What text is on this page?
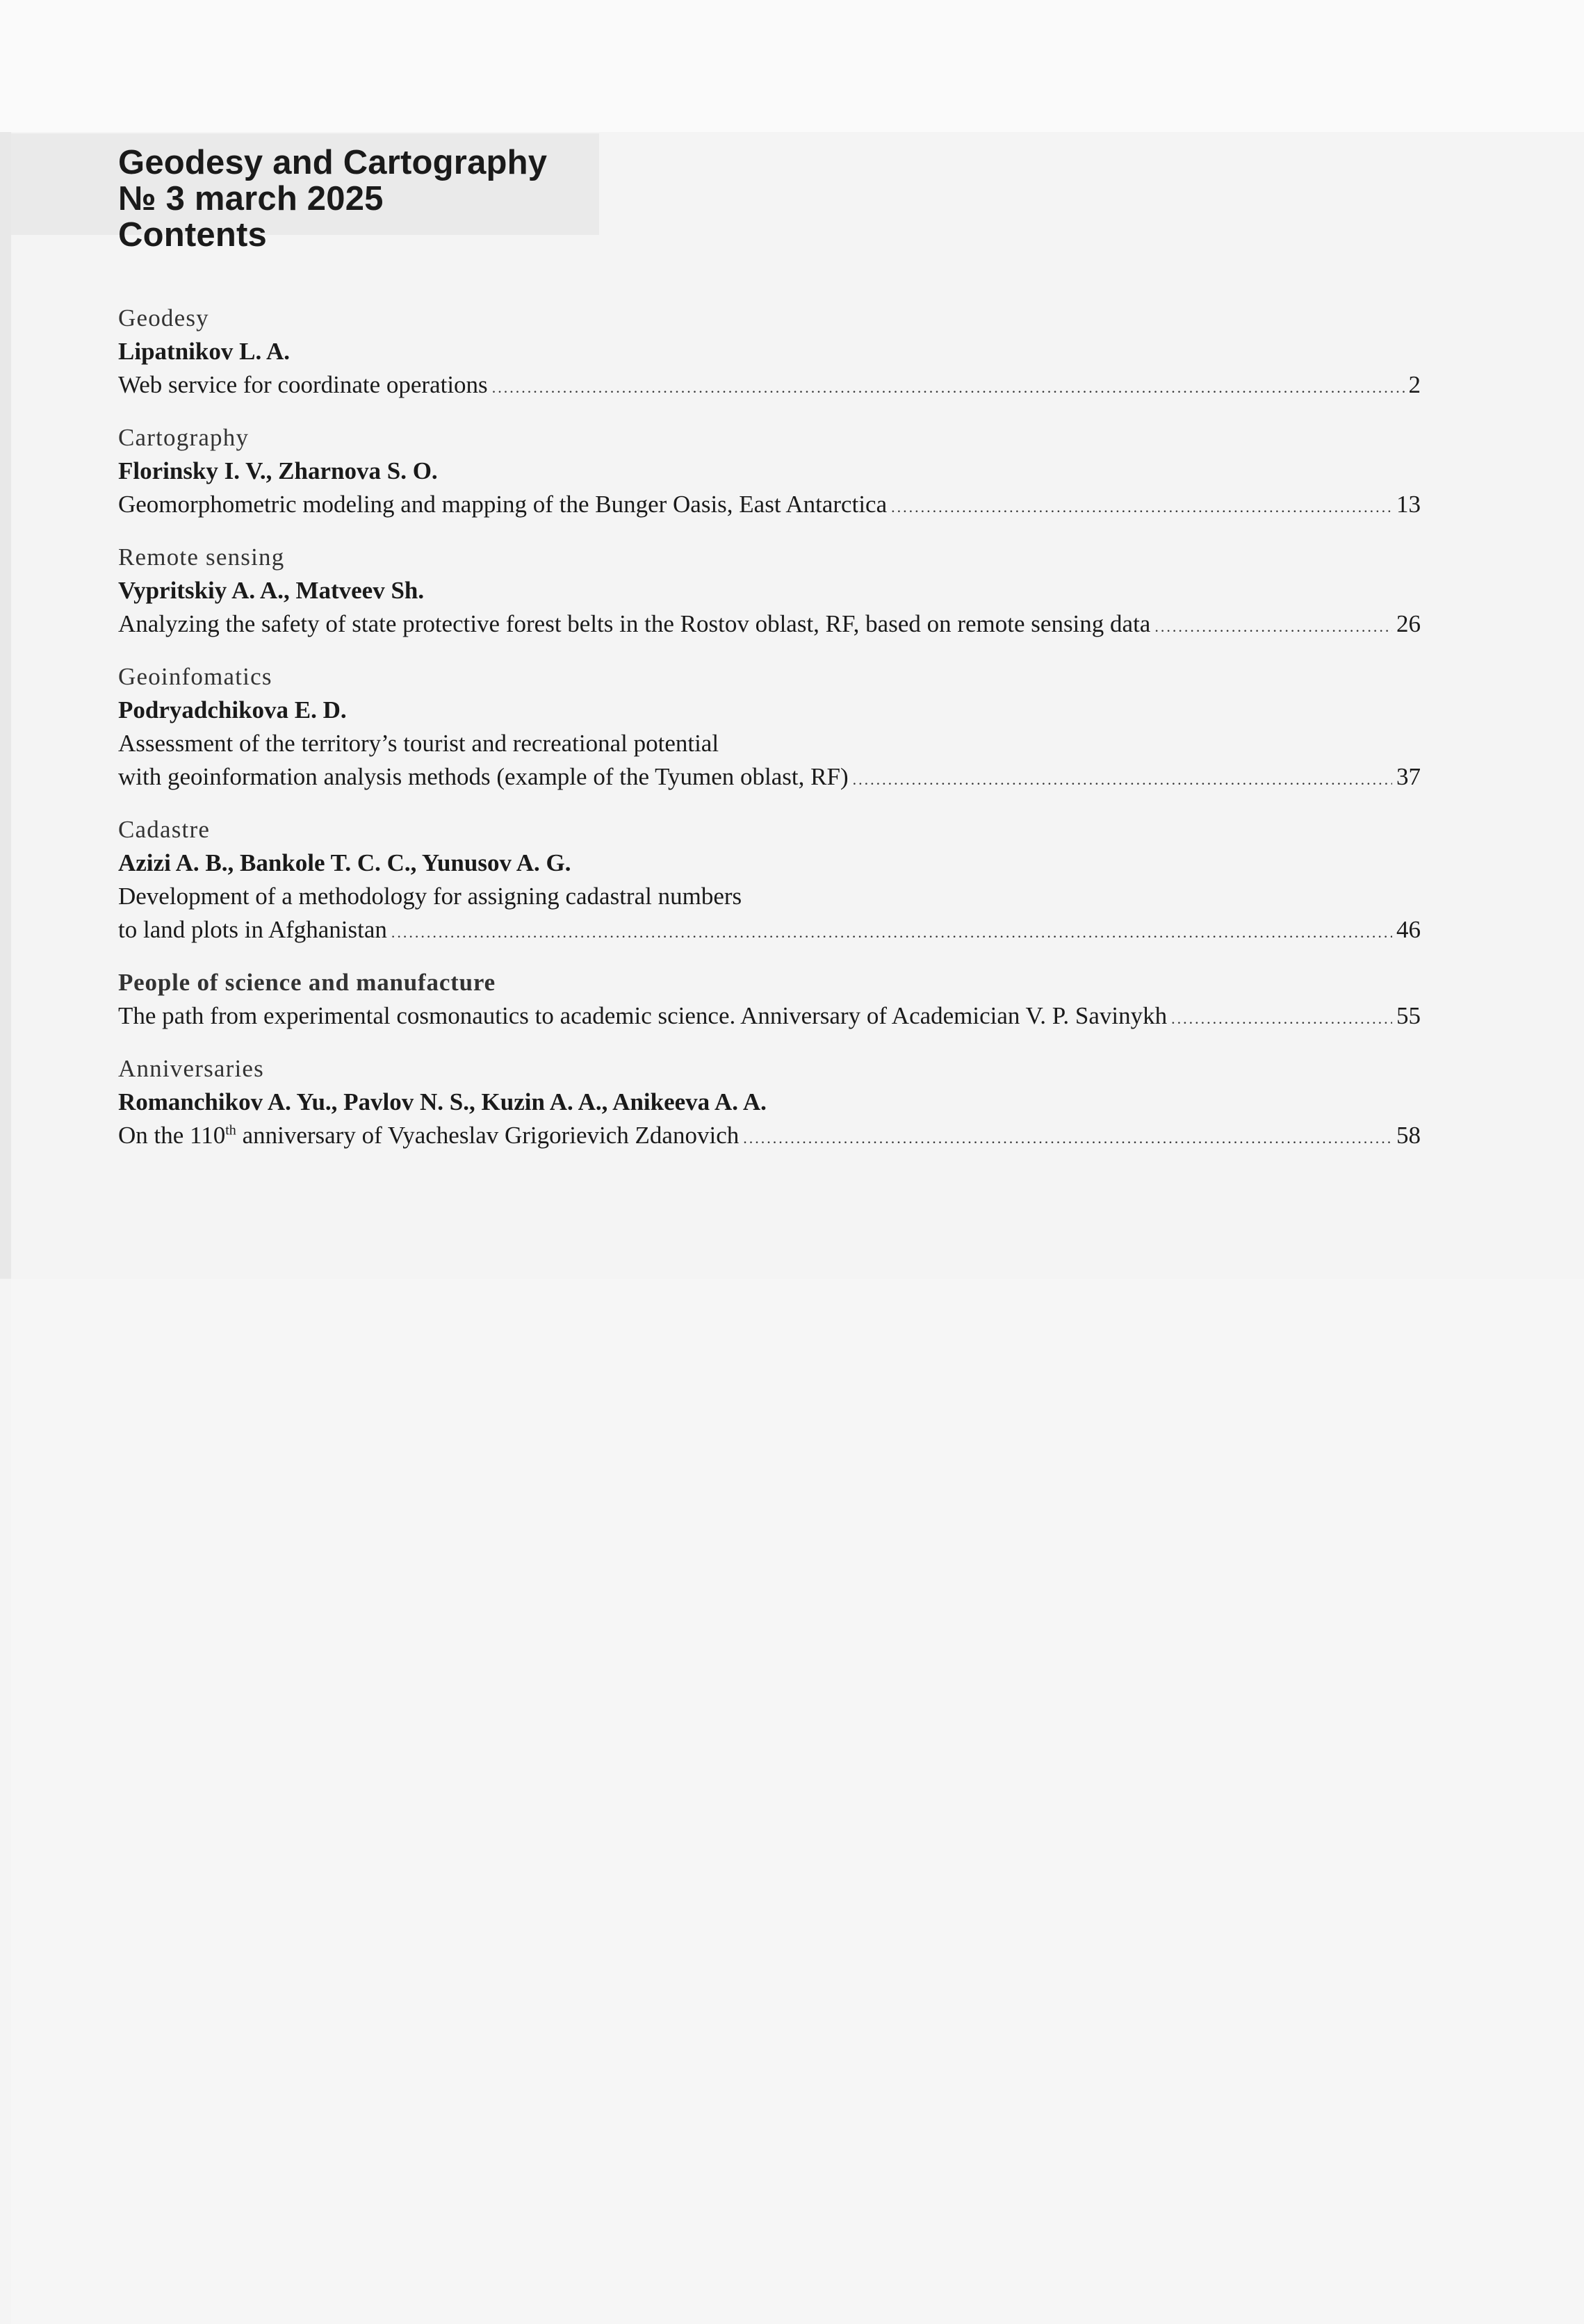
Geodesy and Cartography
№ 3 march 2025
Contents
Geodesy
Lipatnikov L. A.
Web service for coordinate operations .....	2
Cartography
Florinsky I. V., Zharnova S. O.
Geomorphometric modeling and mapping of the Bunger Oasis, East Antarctica .....	13
Remote sensing
Vypritskiy A. A., Matveev Sh.
Analyzing the safety of state protective forest belts in the Rostov oblast, RF, based on remote sensing data .....	26
Geoinfomatics
Podryadchikova E. D.
Assessment of the territory’s tourist and recreational potential
with geoinformation analysis methods (example of the Tyumen oblast, RF) .....	37
Cadastre
Azizi A. B., Bankole T. C. C., Yunusov A. G.
Development of a methodology for assigning cadastral numbers
to land plots in Afghanistan .....	46
People of science and manufacture
The path from experimental cosmonautics to academic science. Anniversary of Academician V. P. Savinykh .....	55
Anniversaries
Romanchikov A. Yu., Pavlov N. S., Kuzin A. A., Anikeeva A. A.
On the 110th anniversary of Vyacheslav Grigorievich Zdanovich .....	58
